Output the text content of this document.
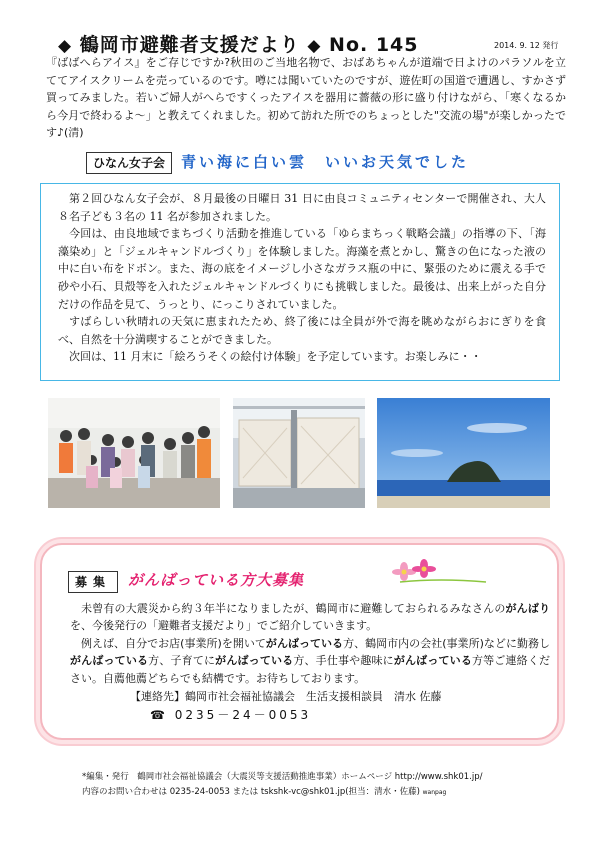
◆ 鶴岡市避難者支援だより ◆ No. 145	2014. 9. 12 発行
『ばばへらアイス』をご存じですか?秋田のご当地名物で、おばあちゃんが道端で日よけのパラソルを立ててアイスクリームを売っているのです。噂には聞いていたのですが、遊佐町の国道で遭遇し、すかさず買ってみました。若いご婦人がへらですくったアイスを器用に薔薇の形に盛り付けながら、「寒くなるから今月で終わるよ～」と教えてくれました。初めて訪れた所でのちょっとした"交流の場"が楽しかったです♪(清)
ひなん女子会	青い海に白い雲　いいお天気でした

第２回ひなん女子会が、８月最後の日曜日 31 日に由良コミュニティセンターで開催され、大人８名子ども３名の 11 名が参加されました。

今回は、由良地域でまちづくり活動を推進している「ゆらまちっく戦略会議」の指導の下、「海藻染め」と「ジェルキャンドルづくり」を体験しました。海藻を煮とかし、驚きの色になった液の中に白い布をドボン。また、海の底をイメージし小さなガラス瓶の中に、緊張のために震える手で砂や小石、貝殻等を入れたジェルキャンドルづくりにも挑戦しました。最後は、出来上がった自分だけの作品を見て、うっとり、にっこりされていました。

すばらしい秋晴れの天気に恵まれたため、終了後には全員が外で海を眺めながらおにぎりを食べ、自然を十分満喫することができました。

次回は、11 月末に「絵ろうそくの絵付け体験」を予定しています。お楽しみに・・

募集	がんばっている方大募集

未曾有の大震災から約３年半になりましたが、鶴岡市に避難しておられるみなさんのがんばりを、今後発行の「避難者支援だより」でご紹介していきます。

例えば、自分でお店(事業所)を開いてがんばっている方、鶴岡市内の会社(事業所)などに勤務しがんばっている方、子育てにがんばっている方、手仕事や趣味にがんばっている方等ご連絡ください。自薦他薦どちらでも結構です。お待ちしております。

【連絡先】鶴岡市社会福祉協議会　生活支援相談員　清水 佐藤
☎ 0235－24－0053
*編集・発行　鶴岡市社会福祉協議会（大震災等支援活動推進事業）ホームページ http://www.shk01.jp/
内容のお問い合わせは 0235-24-0053 または tskshk-vc@shk01.jp(担当：清水・佐藤) wanpag
